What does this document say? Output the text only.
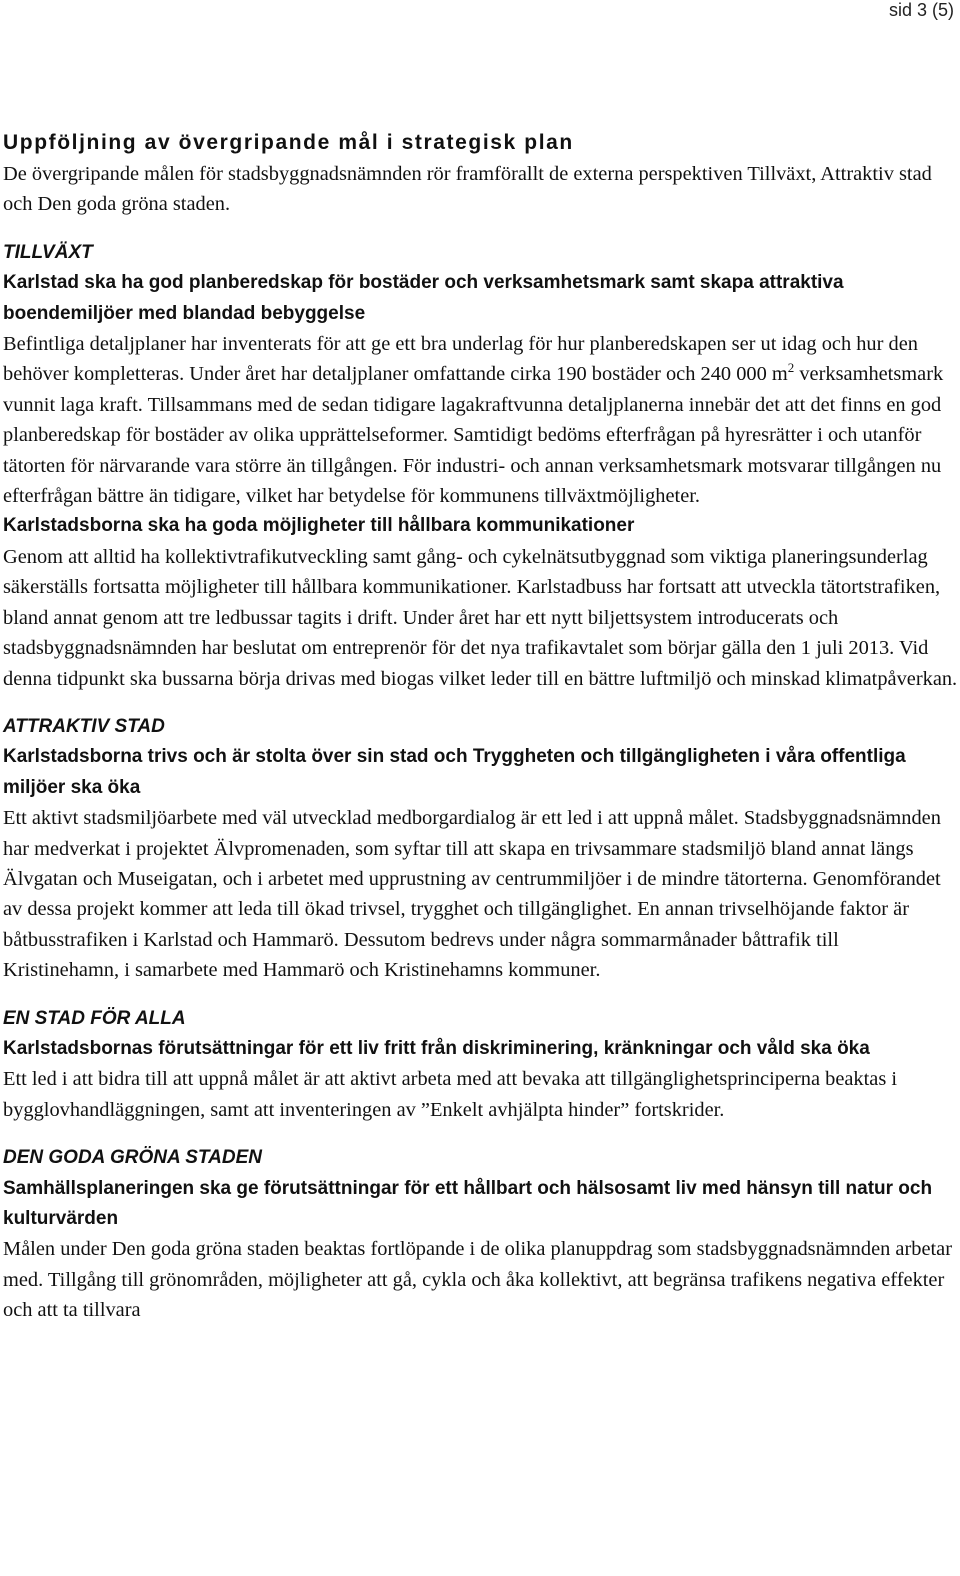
sid 3 (5)
Uppföljning av övergripande mål i strategisk plan

De övergripande målen för stadsbyggnadsnämnden rör framförallt de externa perspektiven Tillväxt, Attraktiv stad och Den goda gröna staden.

TILLVÄXT

Karlstad ska ha god planberedskap för bostäder och verksamhetsmark samt skapa attraktiva boendemiljöer med blandad bebyggelse

Befintliga detaljplaner har inventerats för att ge ett bra underlag för hur planberedskapen ser ut idag och hur den behöver kompletteras. Under året har detaljplaner omfattande cirka 190 bostäder och 240 000 $m^2$ verksamhetsmark vunnit laga kraft. Tillsammans med de sedan tidigare lagakraftvunna detaljplanerna innebär det att det finns en god planberedskap för bostäder av olika upprättelseformer. Samtidigt bedöms efterfrågan på hyresrätter i och utanför tätorten för närvarande vara större än tillgången. För industri- och annan verksamhetsmark motsvarar tillgången nu efterfrågan bättre än tidigare, vilket har betydelse för kommunens tillväxtmöjligheter.

Karlstadsborna ska ha goda möjligheter till hållbara kommunikationer

Genom att alltid ha kollektivtrafikutveckling samt gång- och cykelnätsutbyggnad som viktiga planeringsunderlag säkerställs fortsatta möjligheter till hållbara kommunikationer. Karlstadbuss har fortsatt att utveckla tätortstrafiken, bland annat genom att tre ledbussar tagits i drift. Under året har ett nytt biljettsystem introducerats och stadsbyggnadsnämnden har beslutat om entreprenör för det nya trafikavtalet som börjar gälla den 1 juli 2013. Vid denna tidpunkt ska bussarna börja drivas med biogas vilket leder till en bättre luftmiljö och minskad klimatpåverkan.

ATTRAKTIV STAD

Karlstadsborna trivs och är stolta över sin stad och Tryggheten och tillgängligheten i våra offentliga miljöer ska öka

Ett aktivt stadsmiljöarbete med väl utvecklad medborgardialog är ett led i att uppnå målet. Stadsbyggnadsnämnden har medverkat i projektet Älvpromenaden, som syftar till att skapa en trivsammare stadsmiljö bland annat längs Älvgatan och Museigatan, och i arbetet med upprustning av centrummiljöer i de mindre tätorterna. Genomförandet av dessa projekt kommer att leda till ökad trivsel, trygghet och tillgänglighet. En annan trivselhöjande faktor är båtbusstrafiken i Karlstad och Hammarö. Dessutom bedrevs under några sommarmånader båttrafik till Kristinehamn, i samarbete med Hammarö och Kristinehamns kommuner.

EN STAD FÖR ALLA

Karlstadsbornas förutsättningar för ett liv fritt från diskriminering, kränkningar och våld ska öka

Ett led i att bidra till att uppnå målet är att aktivt arbeta med att bevaka att tillgänglighetsprinciperna beaktas i bygglovhandläggningen, samt att inventeringen av ”Enkelt avhjälpta hinder” fortskrider.

DEN GODA GRÖNA STADEN

Samhällsplaneringen ska ge förutsättningar för ett hållbart och hälsosamt liv med hänsyn till natur och kulturvärden

Målen under Den goda gröna staden beaktas fortlöpande i de olika planuppdrag som stadsbyggnadsnämnden arbetar med. Tillgång till grönområden, möjligheter att gå, cykla och åka kollektivt, att begränsa trafikens negativa effekter och att ta tillvara
